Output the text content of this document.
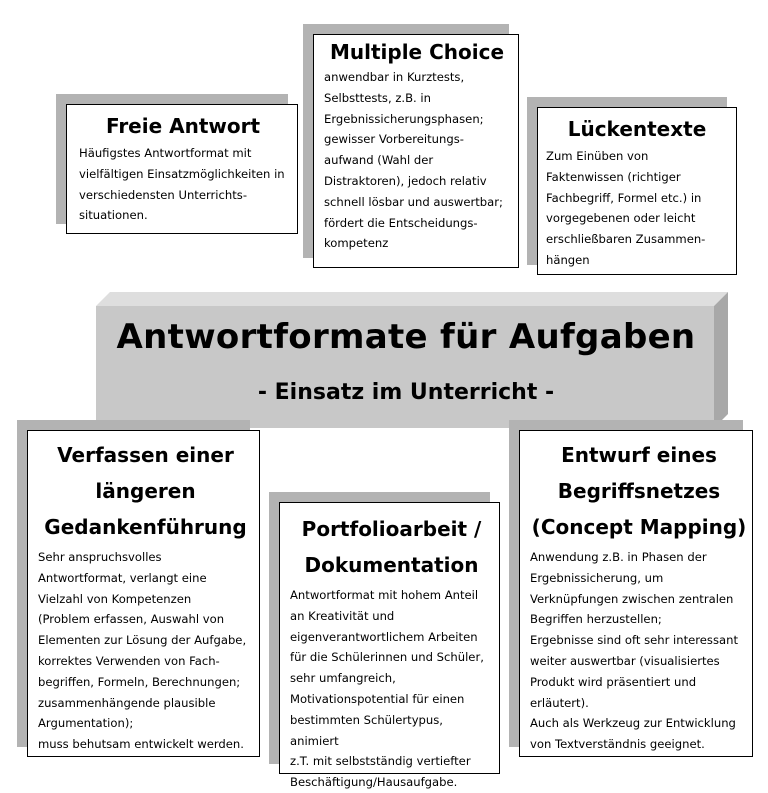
Antwortformate für Aufgaben
- Einsatz im Unterricht -
Freie Antwort

Häufigstes Antwortformat mit
vielfältigen Einsatzmöglichkeiten in
verschiedensten Unterrichts-
situationen.

Multiple Choice

anwendbar in Kurztests,
Selbsttests, z.B. in
Ergebnissicherungsphasen;
gewisser Vorbereitungs-
aufwand (Wahl der
Distraktoren), jedoch relativ
schnell lösbar und auswertbar;
fördert die Entscheidungs-
kompetenz

Lückentexte

Zum Einüben von
Faktenwissen (richtiger
Fachbegriff, Formel etc.) in
vorgegebenen oder leicht
erschließbaren Zusammen-
hängen

Verfassen einer
längeren
Gedankenführung

Sehr anspruchsvolles
Antwortformat, verlangt eine
Vielzahl von Kompetenzen
(Problem erfassen, Auswahl von
Elementen zur Lösung der Aufgabe,
korrektes Verwenden von Fach-
begriffen, Formeln, Berechnungen;
zusammenhängende plausible
Argumentation);
muss behutsam entwickelt werden.

Portfolioarbeit /
Dokumentation

Antwortformat mit hohem Anteil
an Kreativität und
eigenverantwortlichem Arbeiten
für die Schülerinnen und Schüler,
sehr umfangreich,
Motivationspotential für einen
bestimmten Schülertypus, animiert
z.T. mit selbstständig vertiefter
Beschäftigung/Hausaufgabe.

Entwurf eines
Begriffsnetzes
(Concept Mapping)

Anwendung z.B. in Phasen der
Ergebnissicherung, um
Verknüpfungen zwischen zentralen
Begriffen herzustellen;
Ergebnisse sind oft sehr interessant
weiter auswertbar (visualisiertes
Produkt wird präsentiert und
erläutert).
Auch als Werkzeug zur Entwicklung
von Textverständnis geeignet.
